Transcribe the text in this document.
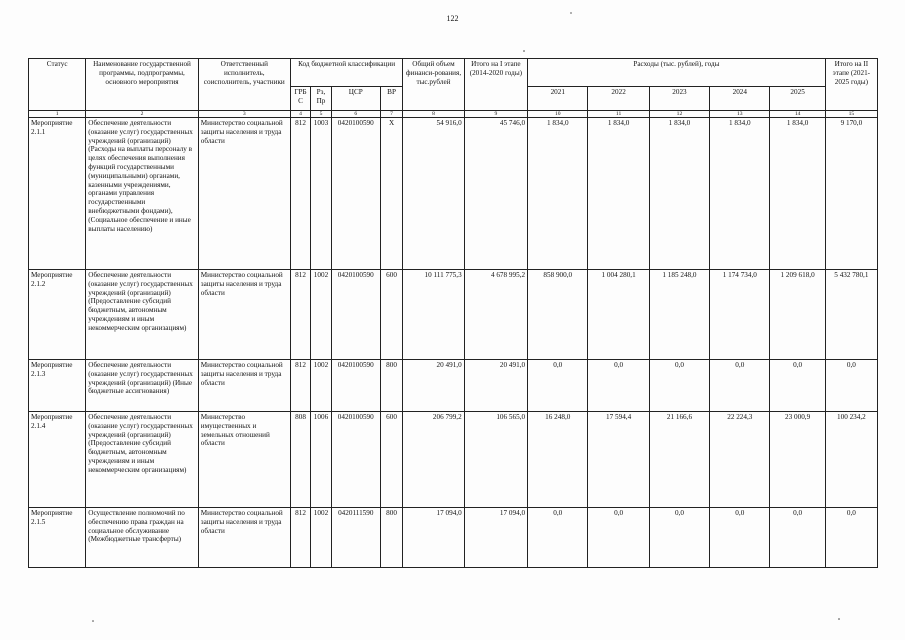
122
Статус	Наименование государственной программы, подпрограммы, основного мероприятия	Ответственный исполнитель, соисполнитель, участники	Код бюджетной классификации				Общий объем финанси-рования, тыс.рублей	Итого на I этапе (2014-2020 годы)	Расходы (тыс. рублей), годы					Итого на II этапе (2021-2025 годы)
			ГРБ С	Рз, Пр	ЦСР	ВР			2021	2022	2023	2024	2025	
1	2	3	4	5	6	7	8	9	10	11	12	13	14	15
Мероприятие 2.1.1	Обеспечение деятельности (оказание услуг) государственных учреждений (организаций) (Расходы на выплаты персоналу в целях обеспечения выполнения функций государственными (муниципальными) органами, казенными учреждениями, органами управления государственными внебюджетными фондами), (Социальное обеспечение и иные выплаты населению)	Министерство социальной защиты населения и труда области	812	1003	0420100590	X	54 916,0	45 746,0	1 834,0	1 834,0	1 834,0	1 834,0	1 834,0	9 170,0
Мероприятие 2.1.2	Обеспечение деятельности (оказание услуг) государственных учреждений (организаций) (Предоставление субсидий бюджетным, автономным учреждениям и иным некоммерческим организациям)	Министерство социальной защиты населения и труда области	812	1002	0420100590	600	10 111 775,3	4 678 995,2	858 900,0	1 004 280,1	1 185 248,0	1 174 734,0	1 209 618,0	5 432 780,1
Мероприятие 2.1.3	Обеспечение деятельности (оказание услуг) государственных учреждений (организаций) (Иные бюджетные ассигнования)	Министерство социальной защиты населения и труда области	812	1002	0420100590	800	20 491,0	20 491,0	0,0	0,0	0,0	0,0	0,0	0,0
Мероприятие 2.1.4	Обеспечение деятельности (оказание услуг) государственных учреждений (организаций) (Предоставление субсидий бюджетным, автономным учреждениям и иным некоммерческим организациям)	Министерство имущественных и земельных отношений области	808	1006	0420100590	600	206 799,2	106 565,0	16 248,0	17 594,4	21 166,6	22 224,3	23 000,9	100 234,2
Мероприятие 2.1.5	Осуществление полномочий по обеспечению права граждан на социальное обслуживание (Межбюджетные трансферты)	Министерство социальной защиты населения и труда области	812	1002	0420111590	800	17 094,0	17 094,0	0,0	0,0	0,0	0,0	0,0	0,0
